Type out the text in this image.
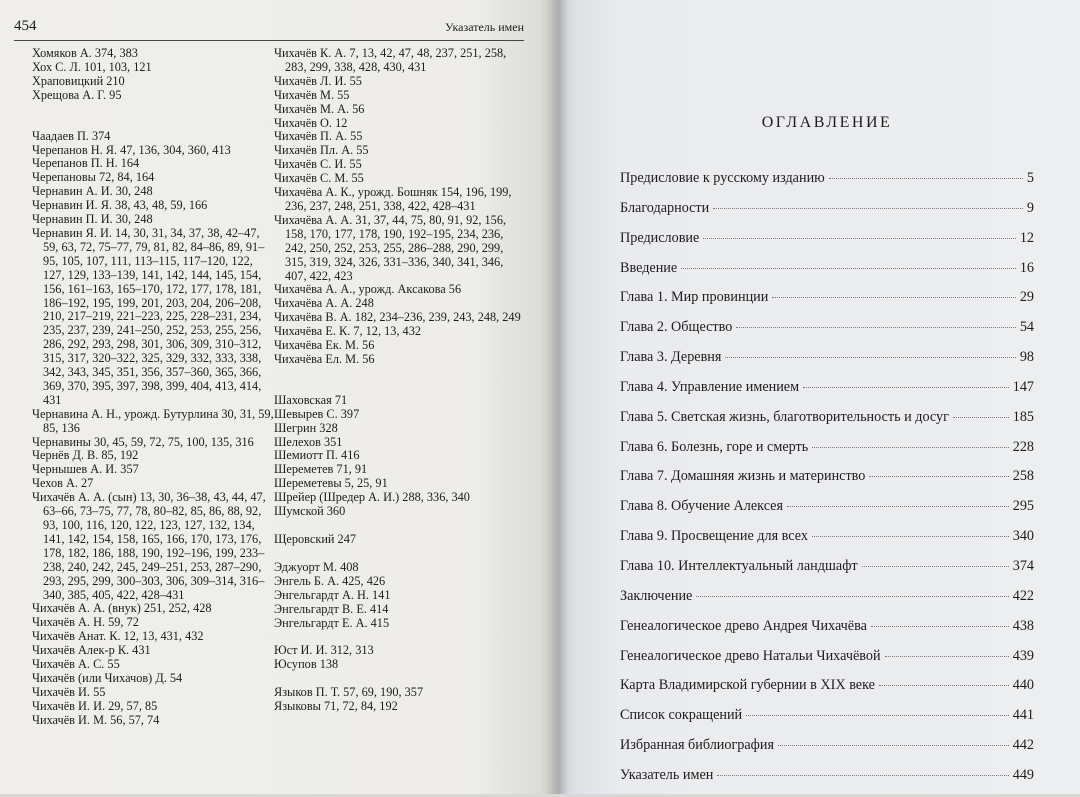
454	Указатель имен
Хомяков А. 374, 383
Хох С. Л. 101, 103, 121
Храповицкий 210
Хрещова А. Г. 95
Чаадаев П. 374
Черепанов Н. Я. 47, 136, 304, 360, 413
Черепанов П. Н. 164
Черепановы 72, 84, 164
Чернавин А. И. 30, 248
Чернавин И. Я. 38, 43, 48, 59, 166
Чернавин П. И. 30, 248
Чернавин Я. И. 14, 30, 31, 34, 37, 38, 42–47, 59, 63, 72, 75–77, 79, 81, 82, 84–86, 89, 91–95, 105, 107, 111, 113–115, 117–120, 122, 127, 129, 133–139, 141, 142, 144, 145, 154, 156, 161–163, 165–170, 172, 177, 178, 181, 186–192, 195, 199, 201, 203, 204, 206–208, 210, 217–219, 221–223, 225, 228–231, 234, 235, 237, 239, 241–250, 252, 253, 255, 256, 286, 292, 293, 298, 301, 306, 309, 310–312, 315, 317, 320–322, 325, 329, 332, 333, 338, 342, 343, 345, 351, 356, 357–360, 365, 366, 369, 370, 395, 397, 398, 399, 404, 413, 414, 431
Чернавина А. Н., урожд. Бутурлина 30, 31, 59, 85, 136
Чернавины 30, 45, 59, 72, 75, 100, 135, 316
Чернёв Д. В. 85, 192
Чернышев А. И. 357
Чехов А. 27
Чихачёв А. А. (сын) 13, 30, 36–38, 43, 44, 47, 63–66, 73–75, 77, 78, 80–82, 85, 86, 88, 92, 93, 100, 116, 120, 122, 123, 127, 132, 134, 141, 142, 154, 158, 165, 166, 170, 173, 176, 178, 182, 186, 188, 190, 192–196, 199, 233–238, 240, 242, 245, 249–251, 253, 287–290, 293, 295, 299, 300–303, 306, 309–314, 316–340, 385, 405, 422, 428–431
Чихачёв А. А. (внук) 251, 252, 428
Чихачёв А. Н. 59, 72
Чихачёв Анат. К. 12, 13, 431, 432
Чихачёв Алек-р К. 431
Чихачёв А. С. 55
Чихачёв (или Чихачов) Д. 54
Чихачёв И. 55
Чихачёв И. И. 29, 57, 85
Чихачёв И. М. 56, 57, 74
Чихачёв К. А. 7, 13, 42, 47, 48, 237, 251, 258, 283, 299, 338, 428, 430, 431
Чихачёв Л. И. 55
Чихачёв М. 55
Чихачёв М. А. 56
Чихачёв О. 12
Чихачёв П. А. 55
Чихачёв Пл. А. 55
Чихачёв С. И. 55
Чихачёв С. М. 55
Чихачёва А. К., урожд. Бошняк 154, 196, 199, 236, 237, 248, 251, 338, 422, 428–431
Чихачёва А. А. 31, 37, 44, 75, 80, 91, 92, 156, 158, 170, 177, 178, 190, 192–195, 234, 236, 242, 250, 252, 253, 255, 286–288, 290, 299, 315, 319, 324, 326, 331–336, 340, 341, 346, 407, 422, 423
Чихачёва А. А., урожд. Аксакова 56
Чихачёва А. А. 248
Чихачёва В. А. 182, 234–236, 239, 243, 248, 249
Чихачёва Е. К. 7, 12, 13, 432
Чихачёва Ек. М. 56
Чихачёва Ел. М. 56
Шаховская 71
Шевырев С. 397
Шегрин 328
Шелехов 351
Шемиотт П. 416
Шереметев 71, 91
Шереметевы 5, 25, 91
Шрейер (Шредер А. И.) 288, 336, 340
Шумской 360
Щеровский 247
Эджуорт М. 408
Энгель Б. А. 425, 426
Энгельгардт А. Н. 141
Энгельгардт В. Е. 414
Энгельгардт Е. А. 415
Юст И. И. 312, 313
Юсупов 138
Языков П. Т. 57, 69, 190, 357
Языковы 71, 72, 84, 192
ОГЛАВЛЕНИЕ
Предисловие к русскому изданию	5
Благодарности	9
Предисловие	12
Введение	16
Глава 1. Мир провинции	29
Глава 2. Общество	54
Глава 3. Деревня	98
Глава 4. Управление имением	147
Глава 5. Светская жизнь, благотворительность и досуг	185
Глава 6. Болезнь, горе и смерть	228
Глава 7. Домашняя жизнь и материнство	258
Глава 8. Обучение Алексея	295
Глава 9. Просвещение для всех	340
Глава 10. Интеллектуальный ландшафт	374
Заключение	422
Генеалогическое древо Андрея Чихачёва	438
Генеалогическое древо Натальи Чихачёвой	439
Карта Владимирской губернии в XIX веке	440
Список сокращений	441
Избранная библиография	442
Указатель имен	449
